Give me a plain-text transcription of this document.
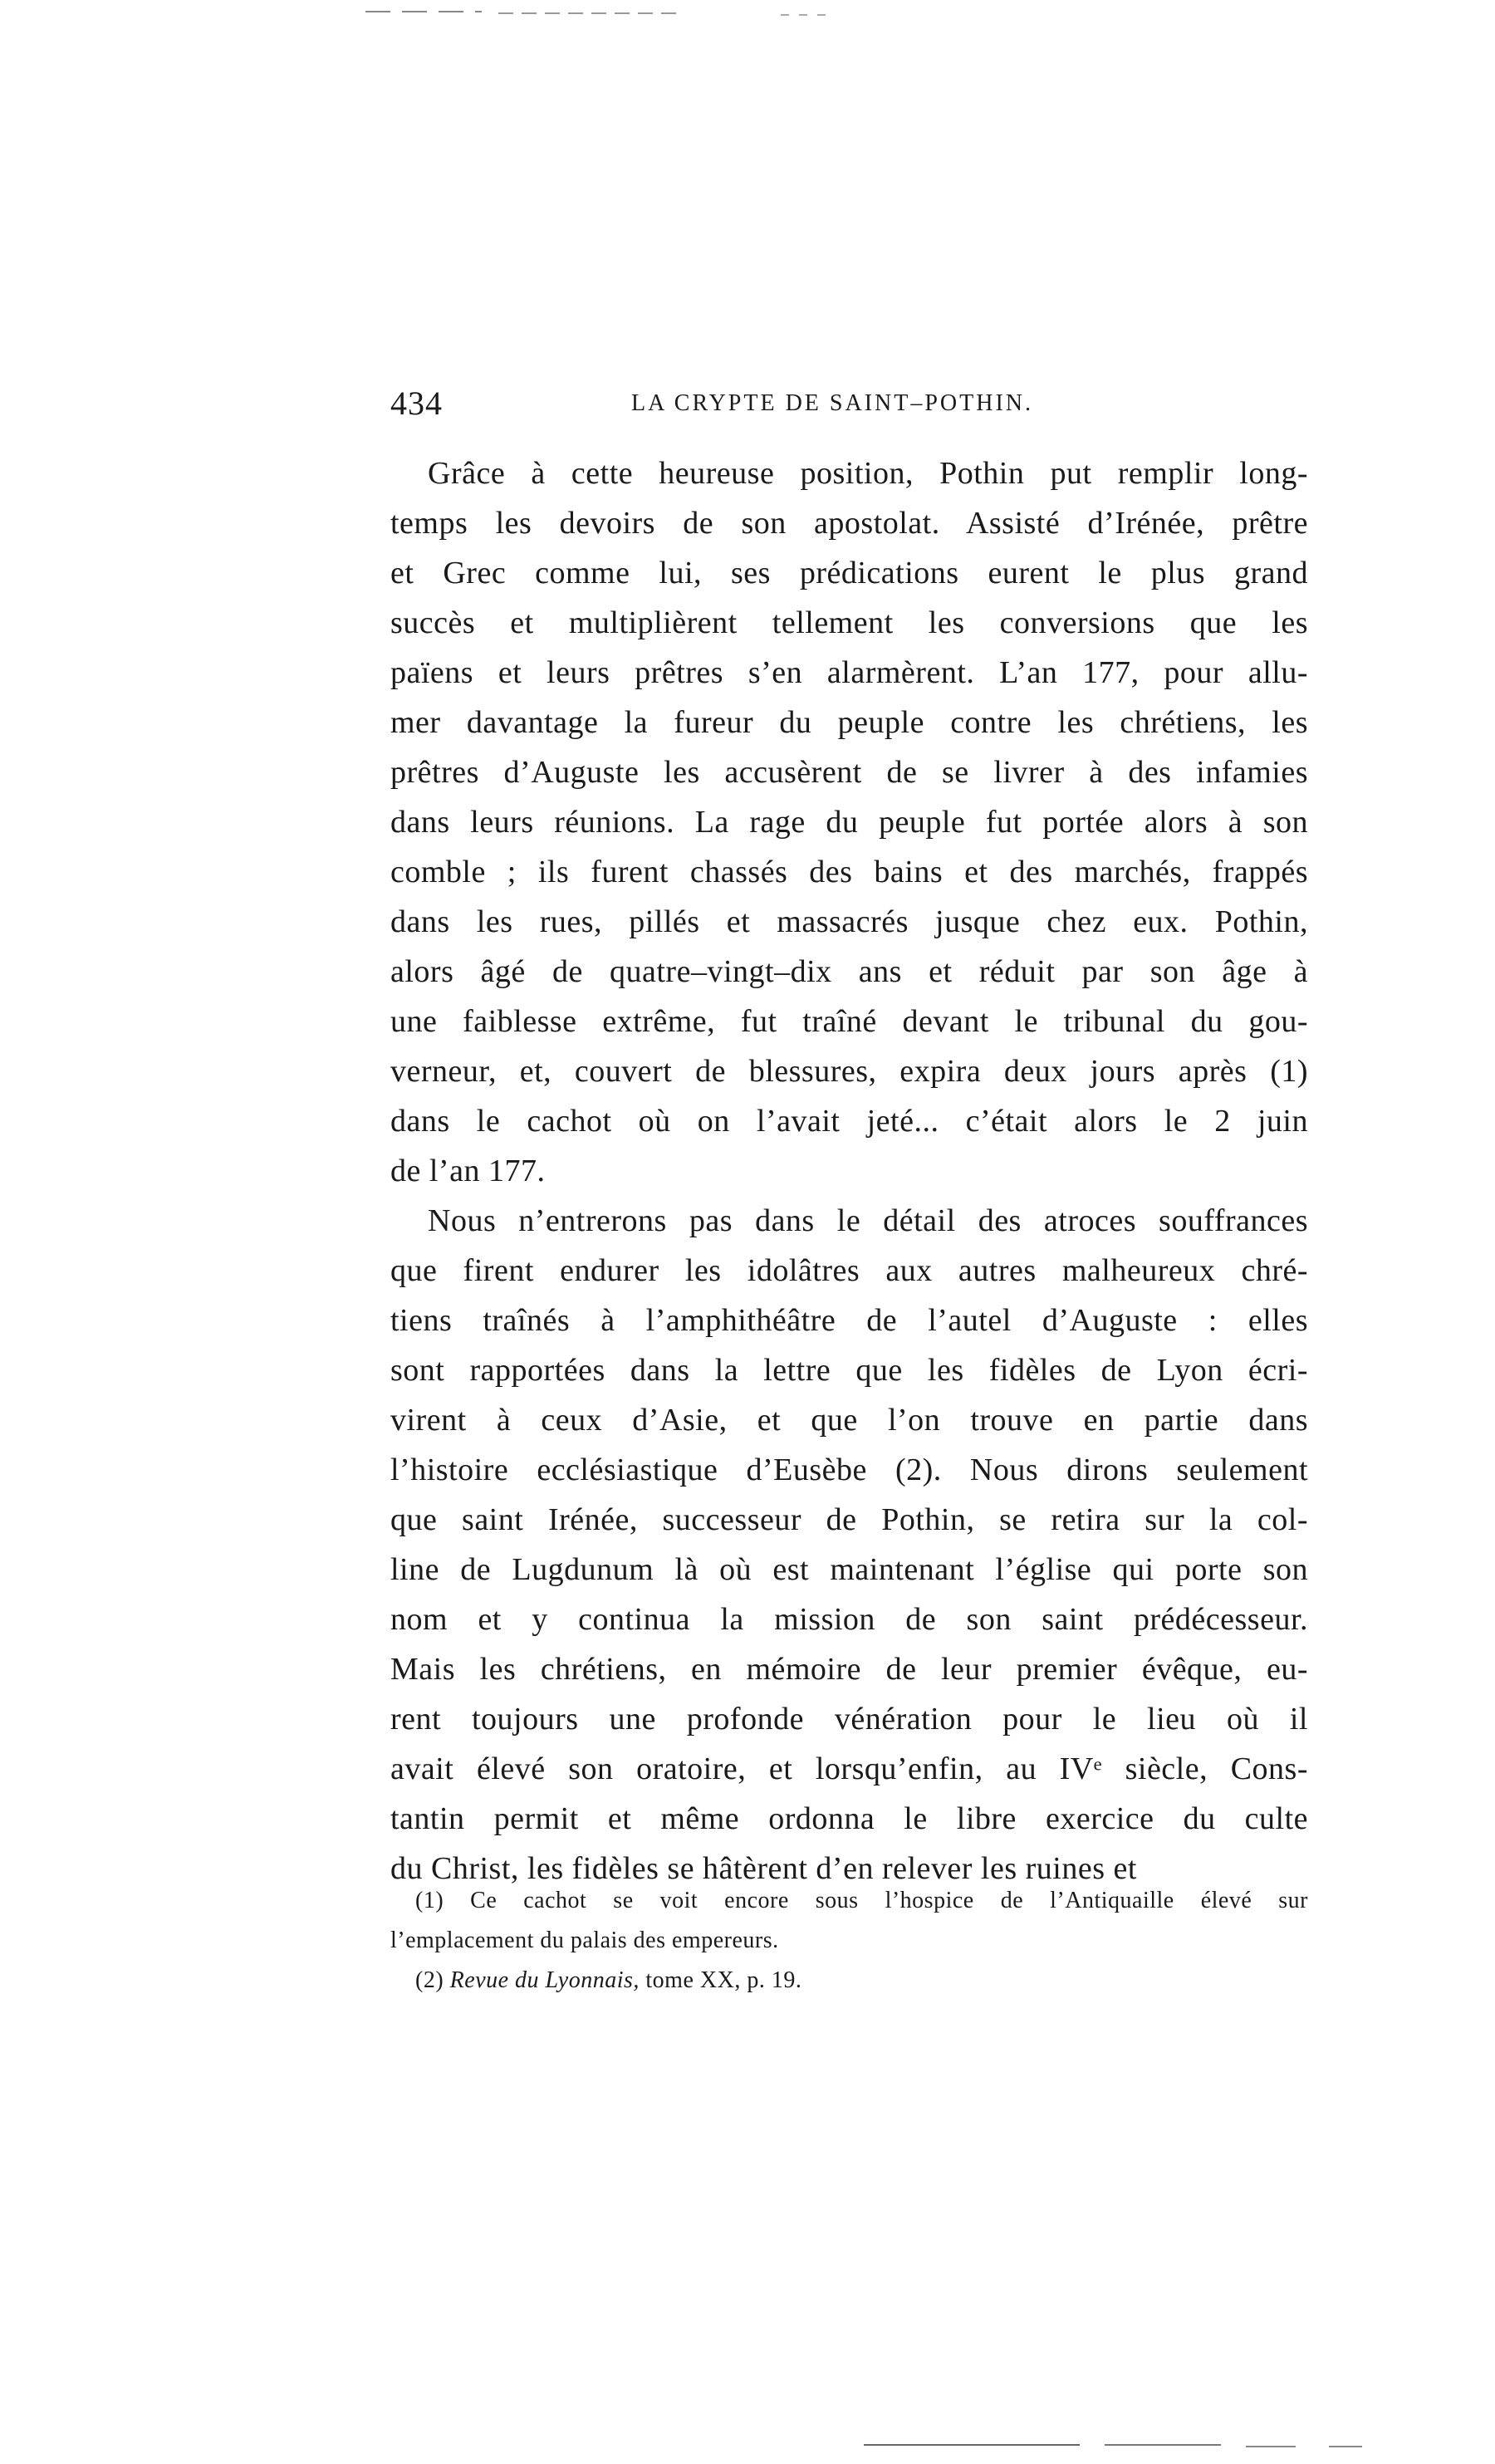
434	LA CRYPTE DE SAINT–POTHIN.
Grâce à cette heureuse position, Pothin put remplir long-
temps les devoirs de son apostolat. Assisté d’Irénée, prêtre
et Grec comme lui, ses prédications eurent le plus grand
succès et multiplièrent tellement les conversions que les
païens et leurs prêtres s’en alarmèrent. L’an 177, pour allu-
mer davantage la fureur du peuple contre les chrétiens, les
prêtres d’Auguste les accusèrent de se livrer à des infamies
dans leurs réunions. La rage du peuple fut portée alors à son
comble ; ils furent chassés des bains et des marchés, frappés
dans les rues, pillés et massacrés jusque chez eux. Pothin,
alors âgé de quatre–vingt–dix ans et réduit par son âge à
une faiblesse extrême, fut traîné devant le tribunal du gou-
verneur, et, couvert de blessures, expira deux jours après (1)
dans le cachot où on l’avait jeté... c’était alors le 2 juin
de l’an 177.
Nous n’entrerons pas dans le détail des atroces souffrances
que firent endurer les idolâtres aux autres malheureux chré-
tiens traînés à l’amphithéâtre de l’autel d’Auguste : elles
sont rapportées dans la lettre que les fidèles de Lyon écri-
virent à ceux d’Asie, et que l’on trouve en partie dans
l’histoire ecclésiastique d’Eusèbe (2). Nous dirons seulement
que saint Irénée, successeur de Pothin, se retira sur la col-
line de Lugdunum là où est maintenant l’église qui porte son
nom et y continua la mission de son saint prédécesseur.
Mais les chrétiens, en mémoire de leur premier évêque, eu-
rent toujours une profonde vénération pour le lieu où il
avait élevé son oratoire, et lorsqu’enfin, au IVᵉ siècle, Cons-
tantin permit et même ordonna le libre exercice du culte
du Christ, les fidèles se hâtèrent d’en relever les ruines et
(1) Ce cachot se voit encore sous l’hospice de l’Antiquaille élevé sur
l’emplacement du palais des empereurs.
(2) Revue du Lyonnais, tome XX, p. 19.
